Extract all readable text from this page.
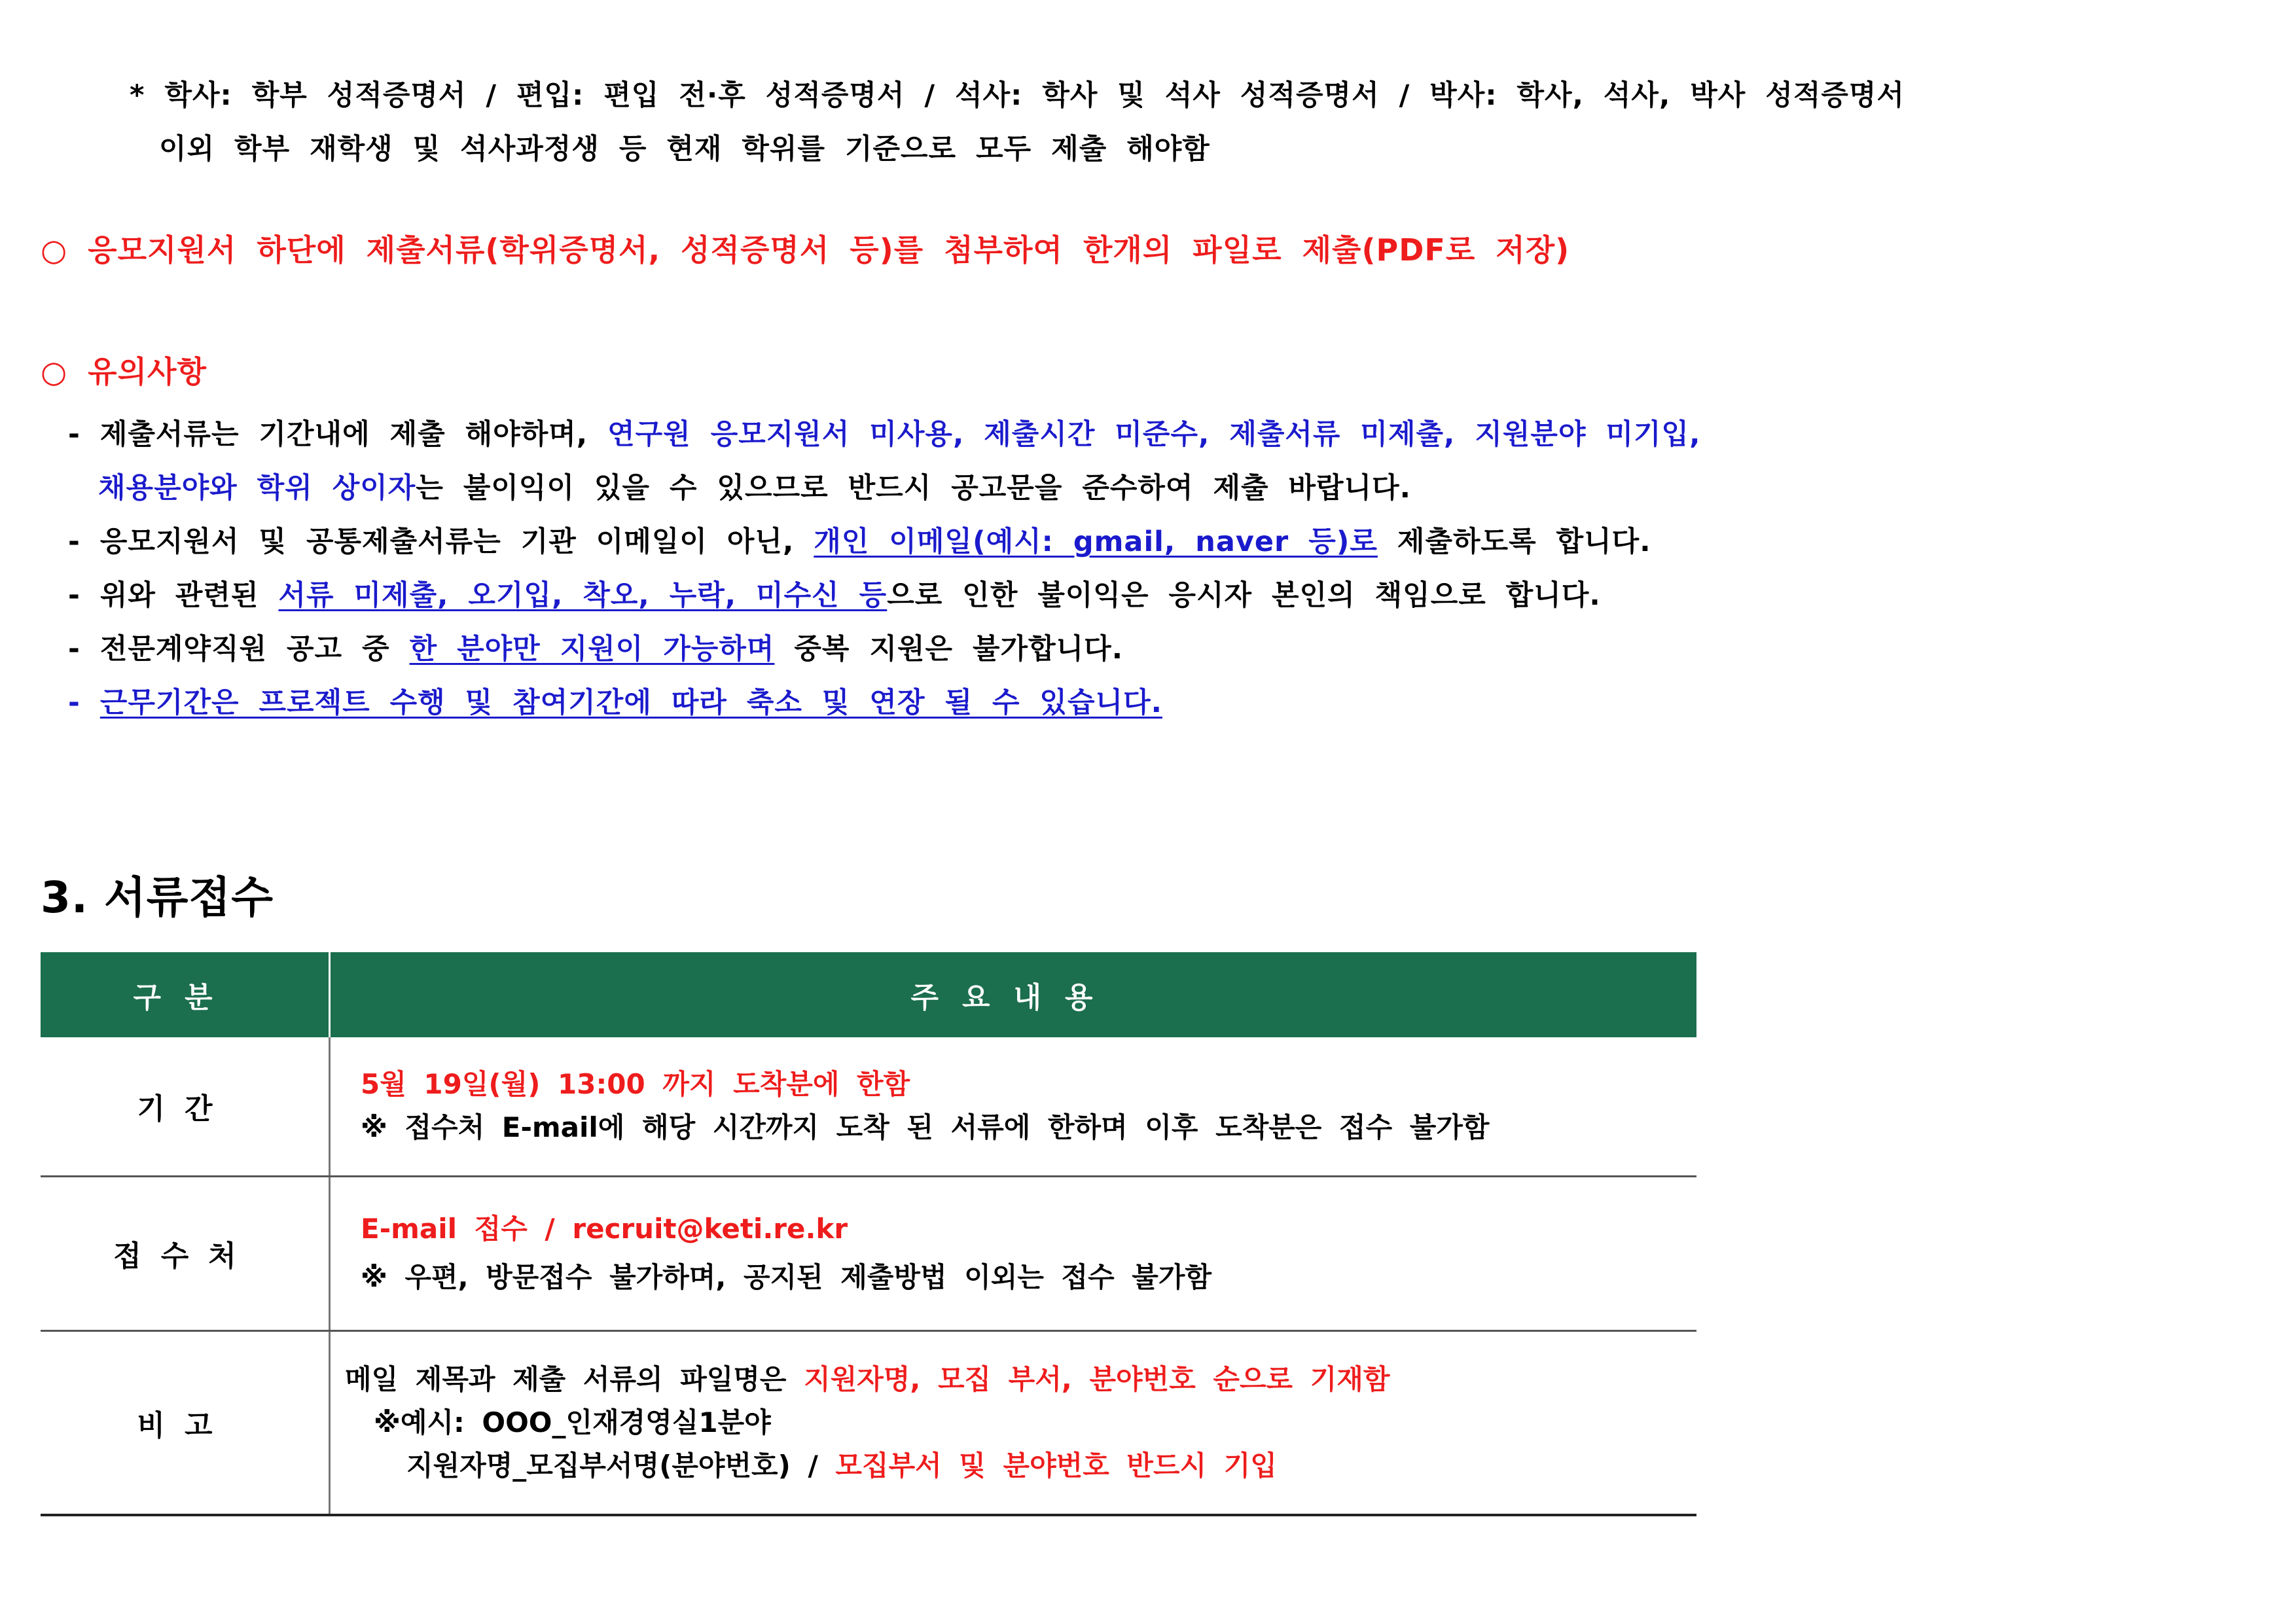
* 학사: 학부 성적증명서 / 편입: 편입 전·후 성적증명서 / 석사: 학사 및 석사 성적증명서 / 박사: 학사, 석사, 박사 성적증명서
이외 학부 재학생 및 석사과정생 등 현재 학위를 기준으로 모두 제출 해야함
○ 응모지원서 하단에 제출서류(학위증명서, 성적증명서 등)를 첨부하여 한개의 파일로 제출(PDF로 저장)
○ 유의사항
- 제출서류는 기간내에 제출 해야하며, 연구원 응모지원서 미사용, 제출시간 미준수, 제출서류 미제출, 지원분야 미기입,
채용분야와 학위 상이자는 불이익이 있을 수 있으므로 반드시 공고문을 준수하여 제출 바랍니다.
- 응모지원서 및 공통제출서류는 기관 이메일이 아닌, 개인 이메일(예시: gmail, naver 등)로 제출하도록 합니다.
- 위와 관련된 서류 미제출, 오기입, 착오, 누락, 미수신 등으로 인한 불이익은 응시자 본인의 책임으로 합니다.
- 전문계약직원 공고 중 한 분야만 지원이 가능하며 중복 지원은 불가합니다.
- 근무기간은 프로젝트 수행 및 참여기간에 따라 축소 및 연장 될 수 있습니다.
3. 서류접수
구분	주요내용
기간	5월 19일(월) 13:00 까지 도착분에 한함
※ 접수처 E-mail에 해당 시간까지 도착 된 서류에 한하며 이후 도착분은 접수 불가함

접수처	E-mail 접수 / recruit@keti.re.kr
※ 우편, 방문접수 불가하며, 공지된 제출방법 이외는 접수 불가함

비고	메일 제목과 제출 서류의 파일명은 지원자명, 모집 부서, 분야번호 순으로 기재함
※예시: OOO_인재경영실1분야
지원자명_모집부서명(분야번호) / 모집부서 및 분야번호 반드시 기입
